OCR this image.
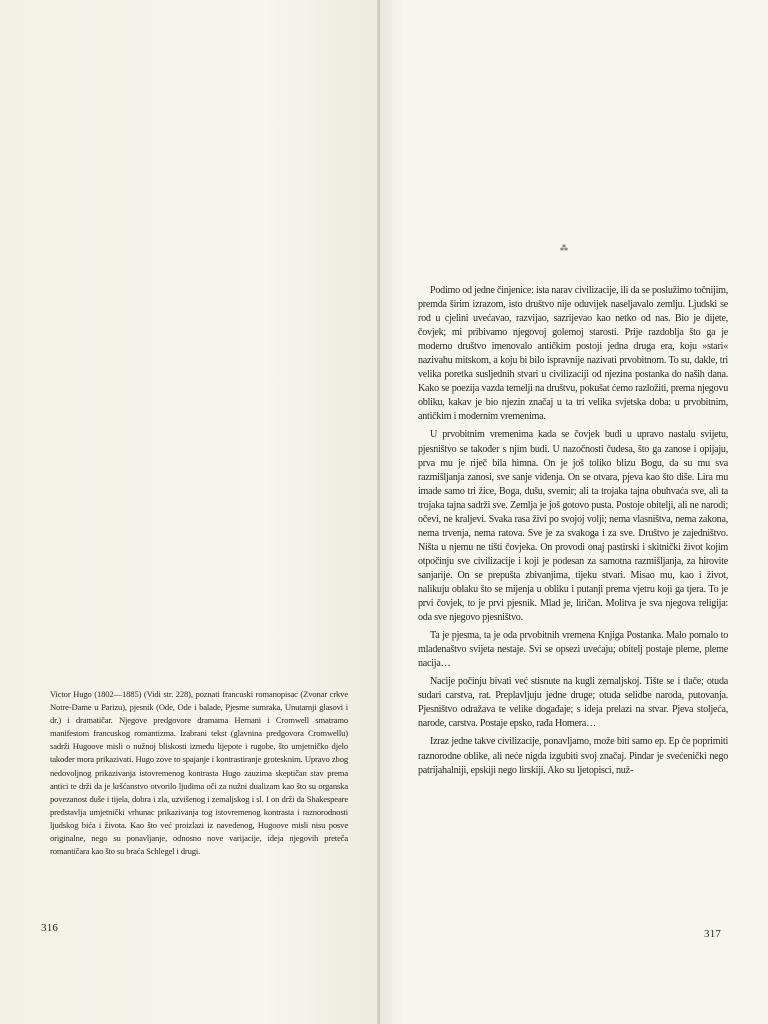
Victor Hugo (1802—1885) (Vidi str. 228), poznati francuski romanopisac (Zvonar crkve Notre-Dame u Parizu), pjesnik (Ode, Ode i balade, Pjesme sumraka, Unutarnji glasovi i dr.) i dramatičar. Njegove predgovore dramama Hernani i Cromwell smatramo manifestom francuskog romantizma. Izabrani tekst (glavnina predgovora Cromwellu) sadrži Hugoove misli o nužnoj bliskosti između lijepote i rugobe, što umjetničko djelo također mora prikazivati. Hugo zove to spajanje i kontrastiranje grotesknim. Upravo zbog nedovoljnog prikazivanja istovremenog kontrasta Hugo zauzima skeptičan stav prema antici te drži da je kršćanstvo otvorilo ljudima oči za nužni dualizam kao što su organska povezanost duše i tijela, dobra i zla, uzvišenog i zemaljskog i sl. I on drži da Shakespeare predstavlja umjetnički vrhunac prikazivanja tog istovremenog kontrasta i raznorodnosti ljudskog bića i života. Kao što već proizlazi iz navedenog, Hugoove misli nisu posve originalne, nego su ponavljanje, odnosno nove varijacije, ideja njegovih preteča romantičara kao što su braća Schlegel i drugi.

316
⁂

Podimo od jedne činjenice: ista narav civilizacije, ili da se poslužimo točnijim, premda širim izrazom, isto društvo nije oduvijek naseljavalo zemlju. Ljudski se rod u cjelini uvećavao, razvijao, sazrijevao kao netko od nas. Bio je dijete, čovjek; mi pribivamo njegovoj golemoj starosti. Prije razdoblja što ga je moderno društvo imenovalo antičkim postoji jedna druga era, koju »stari« nazivahu mitskom, a koju bi bilo ispravnije nazivati prvobitnom. To su, dakle, tri velika poretka susljednih stvari u civilizaciji od njezina postanka do naših dana. Kako se poezija vazda temelji na društvu, pokušat ćemo razložiti, prema njegovu obliku, kakav je bio njezin značaj u ta tri velika svjetska doba: u prvobitnim, antičkim i modernim vremenima.

U prvobitnim vremenima kada se čovjek budi u upravo nastalu svijetu, pjesništvo se također s njim budi. U nazočnosti čudesa, što ga zanose i opijaju, prva mu je riječ bila himna. On je još toliko blizu Bogu, da su mu sva razmišljanja zanosi, sve sanje viđenja. On se otvara, pjeva kao što diše. Lira mu imade samo tri žice, Boga, dušu, svemir; ali ta trojaka tajna obuhvaća sve, ali ta trojaka tajna sadrži sve. Zemlja je još gotovo pusta. Postoje obitelji, ali ne narodi; očevi, ne kraljevi. Svaka rasa živi po svojoj volji; nema vlasništva, nema zakona, nema trvenja, nema ratova. Sve je za svakoga i za sve. Društvo je zajedništvo. Ništa u njemu ne tišti čovjeka. On provodi onaj pastirski i skitnički život kojim otpočinju sve civilizacije i koji je podesan za samotna razmišljanja, za hirovite sanjarije. On se prepušta zbivanjima, tijeku stvari. Misao mu, kao i život, nalikuju oblaku što se mijenja u obliku i putanji prema vjetru koji ga tjera. To je prvi čovjek, to je prvi pjesnik. Mlad je, liričan. Molitva je sva njegova religija: oda sve njegovo pjesništvo.

Ta je pjesma, ta je oda prvobitnih vremena Knjiga Postanka. Malo pomalo to mladenaštvo svijeta nestaje. Svi se opsezi uvećaju; obitelj postaje pleme, pleme nacija…

Nacije počinju bivati već stisnute na kugli zemaljskoj. Tište se i tlače; otuda sudari carstva, rat. Preplavljuju jedne druge; otuda selidbe naroda, putovanja. Pjesništvo odražava te velike događaje; s ideja prelazi na stvar. Pjeva stoljeća, narode, carstva. Postaje epsko, rađa Homera…

Izraz jedne takve civilizacije, ponavljamo, može biti samo ep. Ep će poprimiti raznorodne oblike, ali neće nigda izgubiti svoj značaj. Pindar je svećenički nego patrijahalniji, epskiji nego lirskiji. Ako su ljetopisci, nuž-

317
